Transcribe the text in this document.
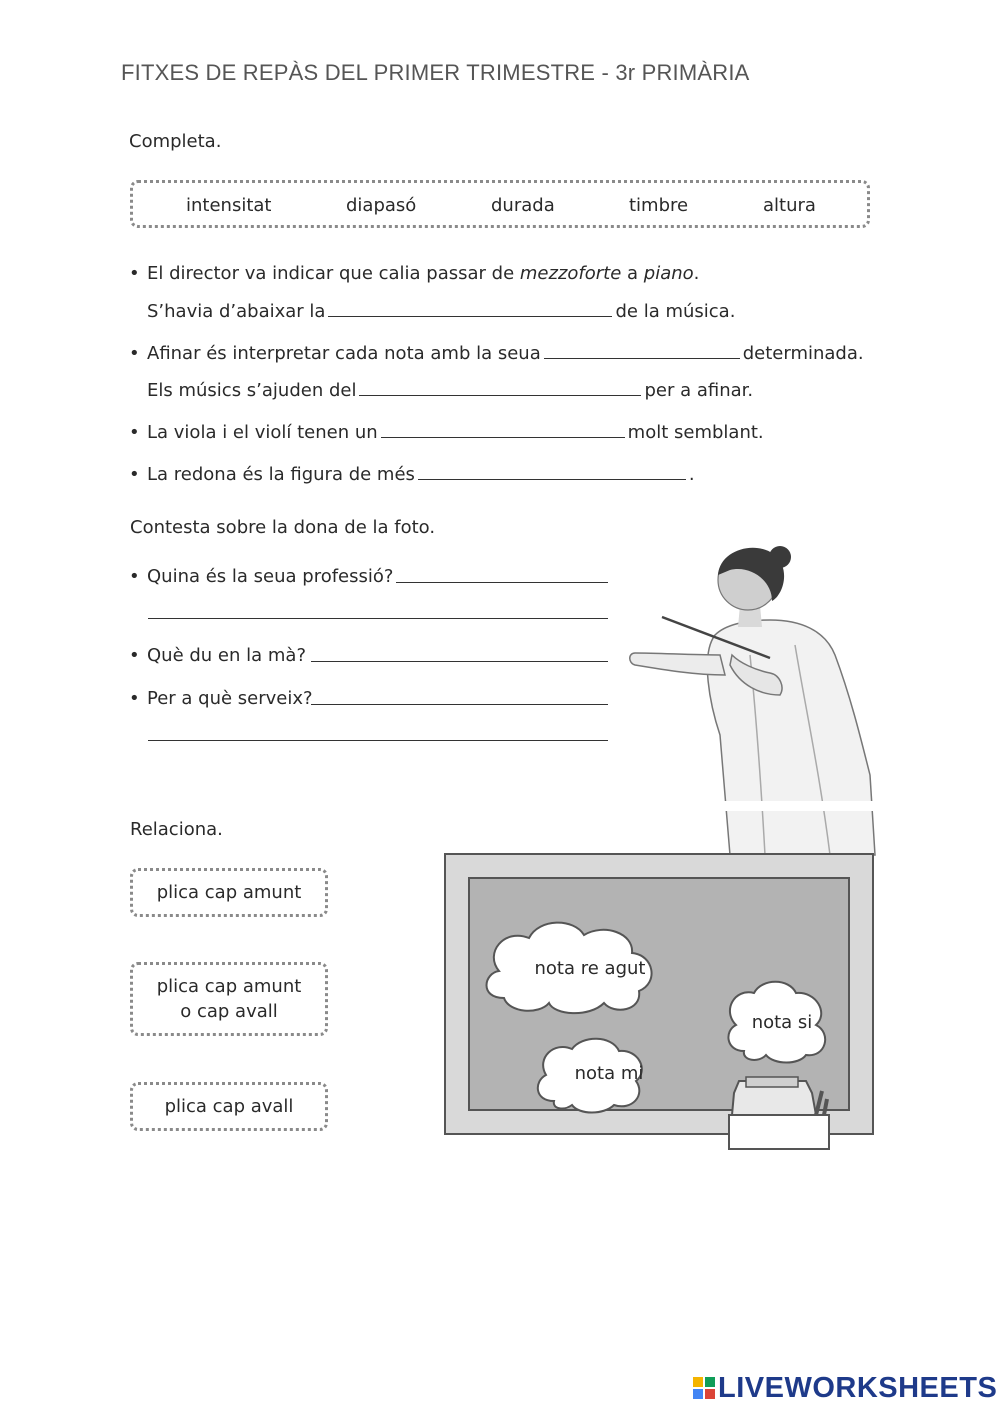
FITXES DE REPÀS DEL PRIMER TRIMESTRE - 3r PRIMÀRIA
Completa.
intensitat	diapasó	durada	timbre	altura
• El director va indicar que calia passar de mezzoforte a piano.
S’havia d’abaixar la	de la música.
• Afinar és interpretar cada nota amb la seua	determinada.
Els músics s’ajuden del	per a afinar.
• La viola i el violí tenen un	molt semblant.
• La redona és la figura de més	.
Contesta sobre la dona de la foto.
• Quina és la seua professió?
• Què du en la mà?
• Per a què serveix?
Relaciona.
plica cap amunt
plica cap amunt
o cap avall
plica cap avall
nota re agut
nota si
nota mi
LIVEWORKSHEETS
